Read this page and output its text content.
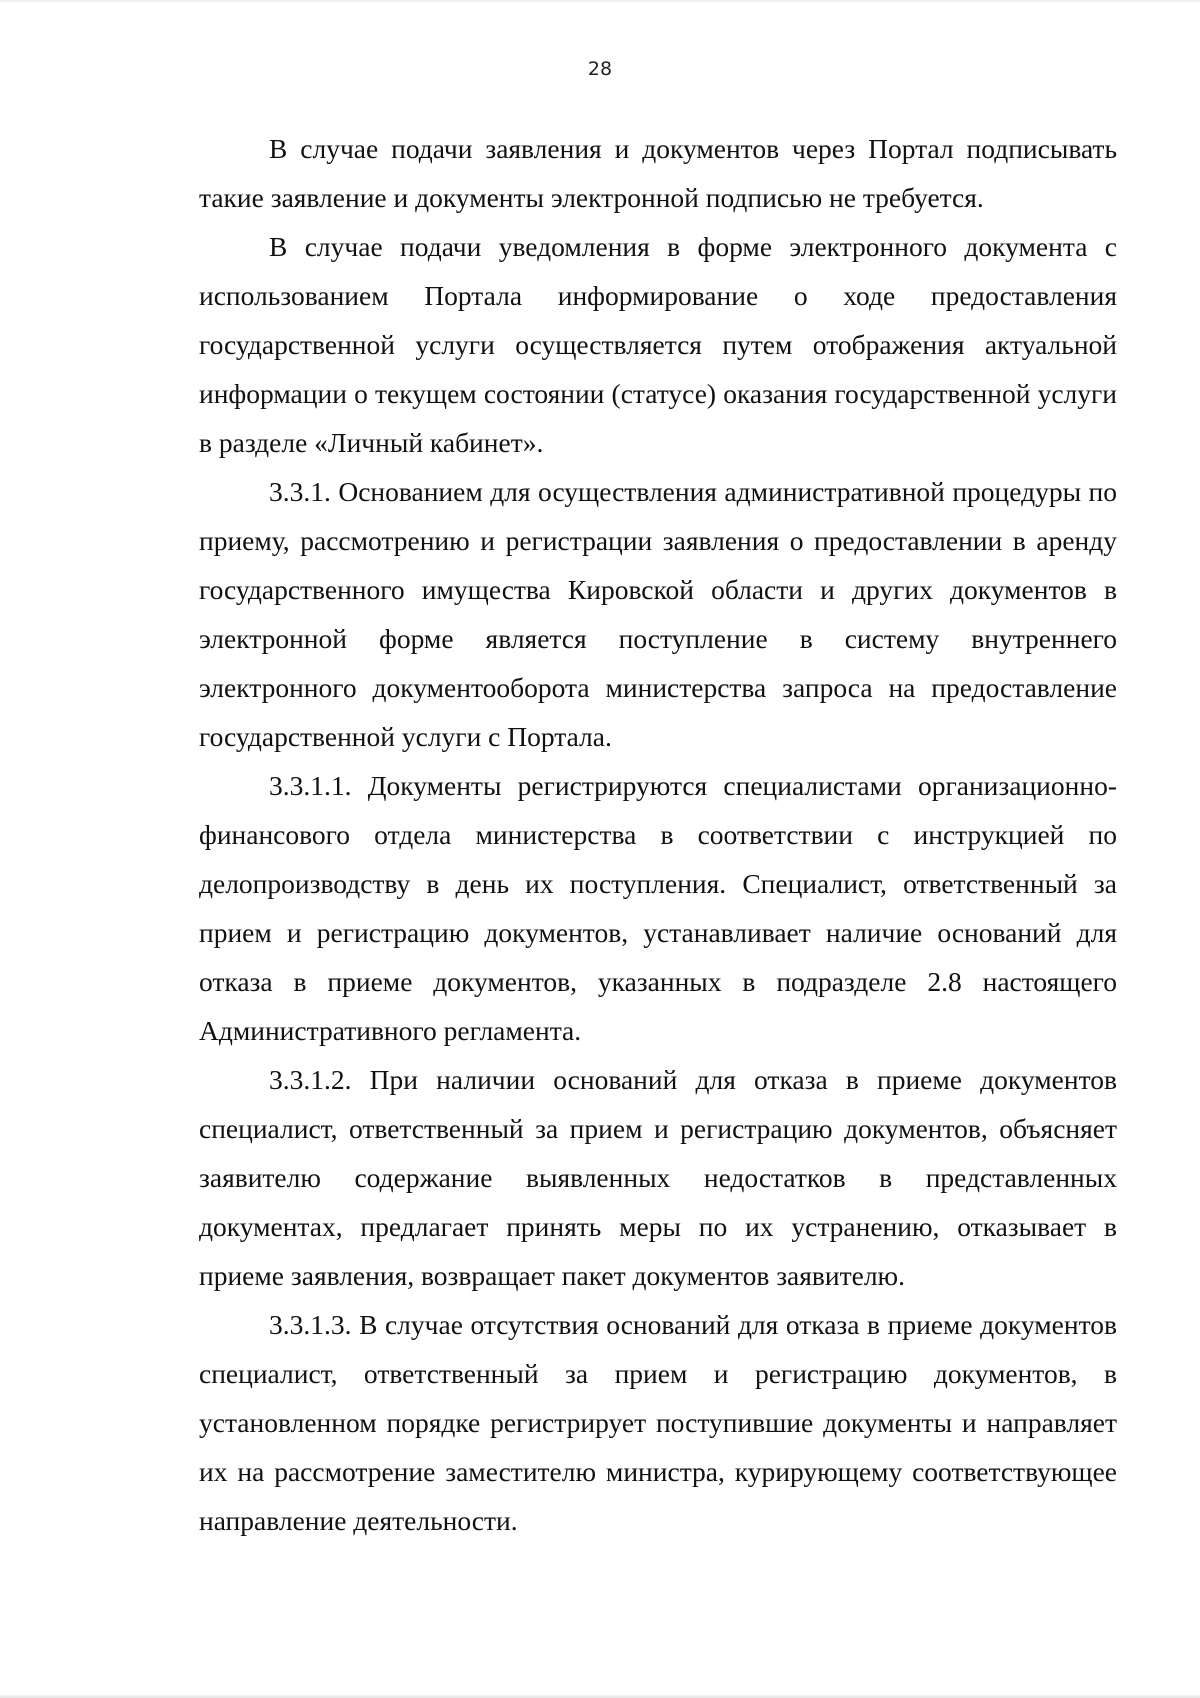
28

В случае подачи заявления и документов через Портал подписывать такие заявление и документы электронной подписью не требуется.

В случае подачи уведомления в форме электронного документа с использованием Портала информирование о ходе предоставления государственной услуги осуществляется путем отображения актуальной информации о текущем состоянии (статусе) оказания государственной услуги в разделе «Личный кабинет».

3.3.1. Основанием для осуществления административной процедуры по приему, рассмотрению и регистрации заявления о предоставлении в аренду государственного имущества Кировской области и других документов в электронной форме является поступление в систему внутреннего электронного документооборота министерства запроса на предоставление государственной услуги с Портала.

3.3.1.1. Документы регистрируются специалистами организационно-финансового отдела министерства в соответствии с инструкцией по делопроизводству в день их поступления. Специалист, ответственный за прием и регистрацию документов, устанавливает наличие оснований для отказа в приеме документов, указанных в подразделе 2.8 настоящего Административного регламента.

3.3.1.2. При наличии оснований для отказа в приеме документов специалист, ответственный за прием и регистрацию документов, объясняет заявителю содержание выявленных недостатков в представленных документах, предлагает принять меры по их устранению, отказывает в приеме заявления, возвращает пакет документов заявителю.

3.3.1.3. В случае отсутствия оснований для отказа в приеме документов специалист, ответственный за прием и регистрацию документов, в установленном порядке регистрирует поступившие документы и направляет их на рассмотрение заместителю министра, курирующему соответствующее направление деятельности.
